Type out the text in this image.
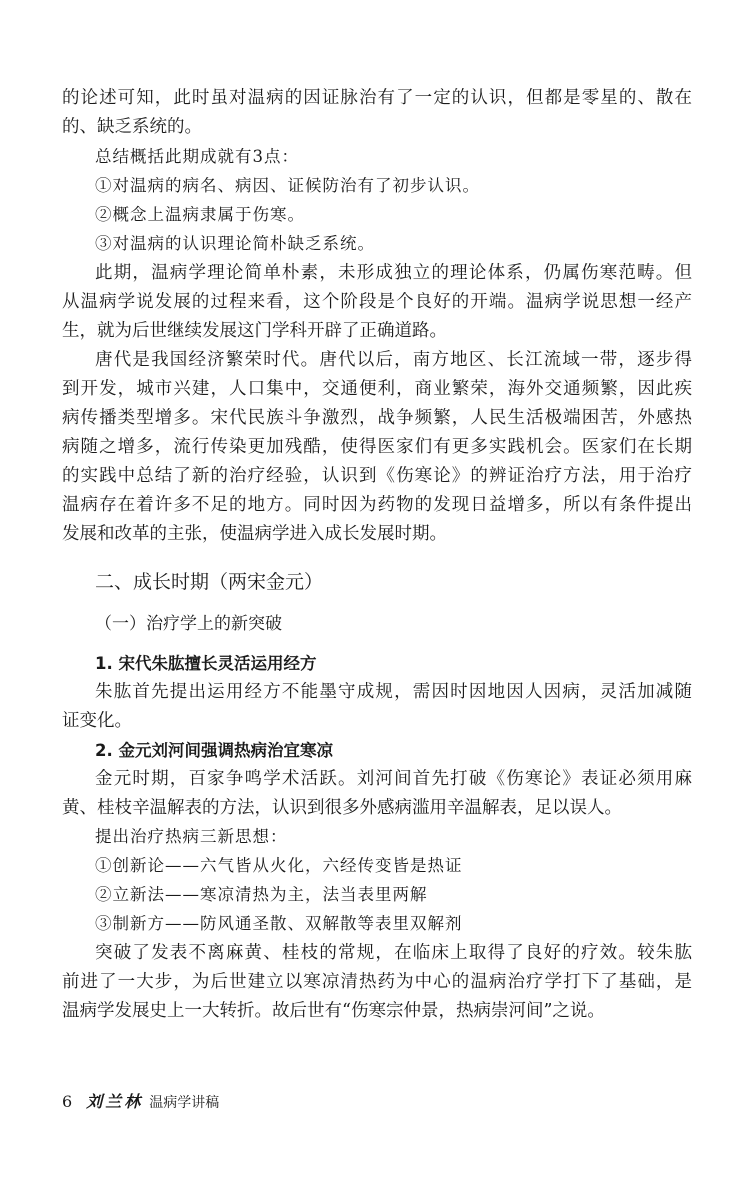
的论述可知，此时虽对温病的因证脉治有了一定的认识，但都是零星的、散在
的、缺乏系统的。
总结概括此期成就有3点：
①对温病的病名、病因、证候防治有了初步认识。
②概念上温病隶属于伤寒。
③对温病的认识理论简朴缺乏系统。
此期，温病学理论简单朴素，未形成独立的理论体系，仍属伤寒范畴。但
从温病学说发展的过程来看，这个阶段是个良好的开端。温病学说思想一经产
生，就为后世继续发展这门学科开辟了正确道路。
唐代是我国经济繁荣时代。唐代以后，南方地区、长江流域一带，逐步得
到开发，城市兴建，人口集中，交通便利，商业繁荣，海外交通频繁，因此疾
病传播类型增多。宋代民族斗争激烈，战争频繁，人民生活极端困苦，外感热
病随之增多，流行传染更加残酷，使得医家们有更多实践机会。医家们在长期
的实践中总结了新的治疗经验，认识到《伤寒论》的辨证治疗方法，用于治疗
温病存在着许多不足的地方。同时因为药物的发现日益增多，所以有条件提出
发展和改革的主张，使温病学进入成长发展时期。
二、成长时期（两宋金元）
（一）治疗学上的新突破
1. 宋代朱肱擅长灵活运用经方
朱肱首先提出运用经方不能墨守成规，需因时因地因人因病，灵活加减随
证变化。
2. 金元刘河间强调热病治宜寒凉
金元时期，百家争鸣学术活跃。刘河间首先打破《伤寒论》表证必须用麻
黄、桂枝辛温解表的方法，认识到很多外感病滥用辛温解表，足以误人。
提出治疗热病三新思想：
①创新论——六气皆从火化，六经传变皆是热证
②立新法——寒凉清热为主，法当表里两解
③制新方——防风通圣散、双解散等表里双解剂
突破了发表不离麻黄、桂枝的常规，在临床上取得了良好的疗效。较朱肱
前进了一大步，为后世建立以寒凉清热药为中心的温病治疗学打下了基础，是
温病学发展史上一大转折。故后世有“伤寒宗仲景，热病崇河间”之说。
6 刘兰林 温病学讲稿
